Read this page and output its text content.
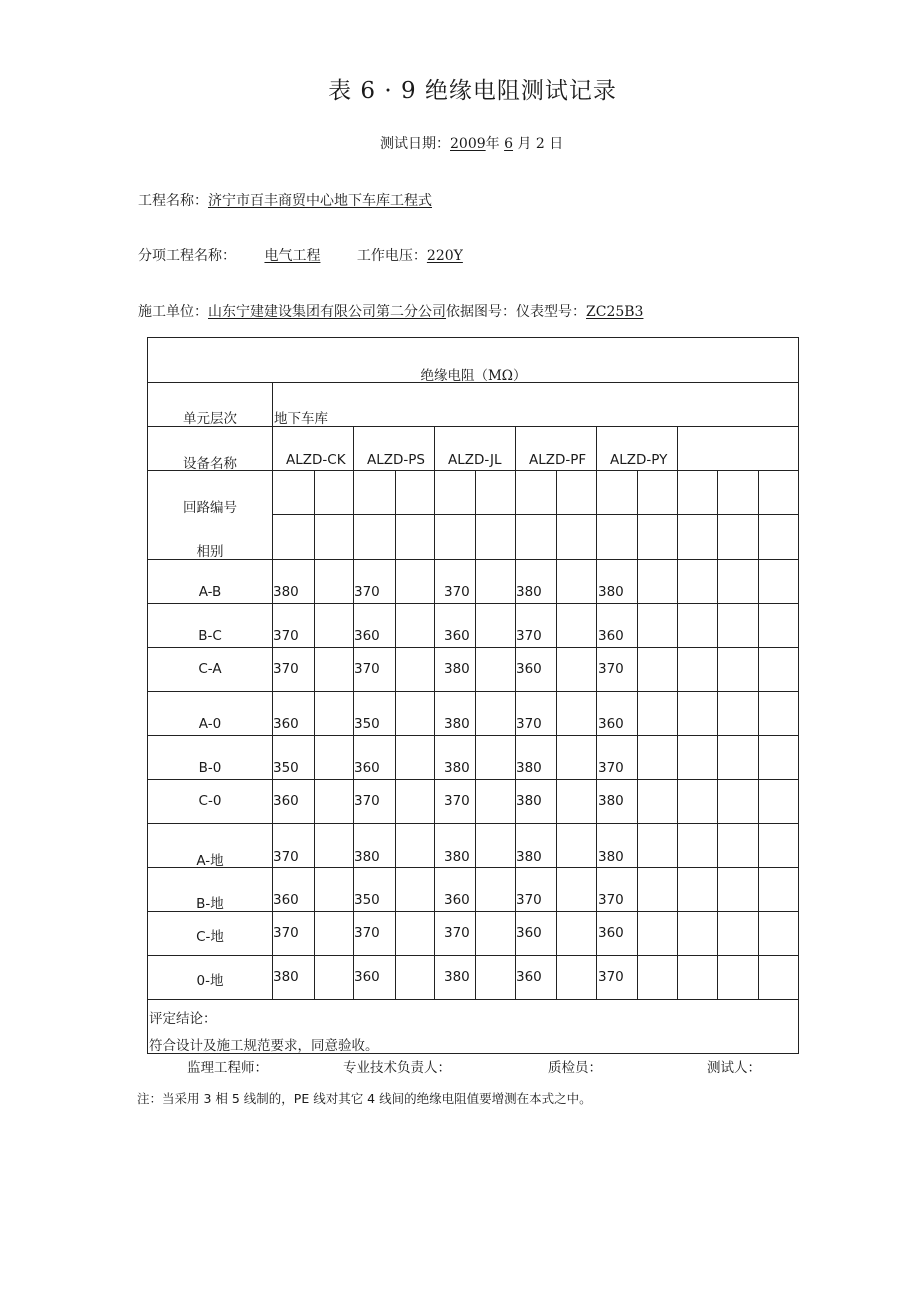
表 6 · 9 绝缘电阻测试记录
测试日期：2009年 6 月 2 日
工程名称：济宁市百丰商贸中心地下车库工程式
分项工程名称： 电气工程	工作电压：220Y
施工单位：山东宁建建设集团有限公司第二分公司依据图号：仪表型号：ZC25B3
绝缘电阻（MΩ）
单元层次	地下车库
设备名称	ALZD-CK ALZD-PS ALZD-JL ALZD-PF ALZD-PY
回路编号
相别
A-B	380	370	370	380	380
B-C	370	360	360	370	360
C-A	370	370	380	360	370
A-0	360	350	380	370	360
B-0	350	360	380	380	370
C-0	360	370	370	380	380
A-地	370	380	380	380	380
B-地	360	350	360	370	370
C-地	370	370	370	360	360
0-地	380	360	380	360	370
评定结论：
符合设计及施工规范要求，同意验收。
监理工程师：	专业技术负责人：	质检员：	测试人：
注：当采用 3 相 5 线制的，PE 线对其它 4 线间的绝缘电阻值要增测在本式之中。
